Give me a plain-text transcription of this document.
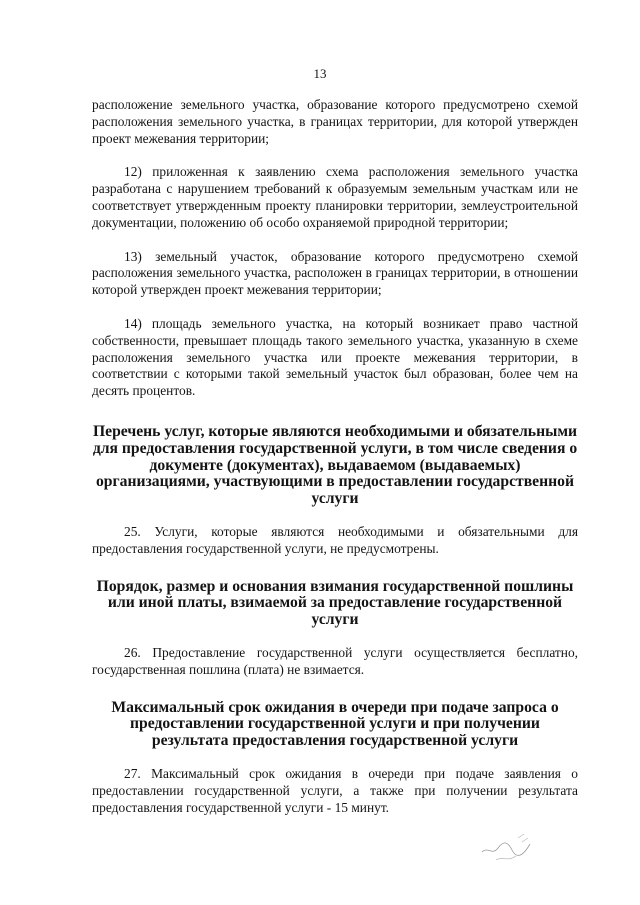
13

расположение земельного участка, образование которого предусмотрено схемой расположения земельного участка, в границах территории, для которой утвержден проект межевания территории;

12) приложенная к заявлению схема расположения земельного участка разработана с нарушением требований к образуемым земельным участкам или не соответствует утвержденным проекту планировки территории, землеустроительной документации, положению об особо охраняемой природной территории;

13) земельный участок, образование которого предусмотрено схемой расположения земельного участка, расположен в границах территории, в отношении которой утвержден проект межевания территории;

14) площадь земельного участка, на который возникает право частной собственности, превышает площадь такого земельного участка, указанную в схеме расположения земельного участка или проекте межевания территории, в соответствии с которыми такой земельный участок был образован, более чем на десять процентов.

Перечень услуг, которые являются необходимыми и обязательными для предоставления государственной услуги, в том числе сведения о документе (документах), выдаваемом (выдаваемых) организациями, участвующими в предоставлении государственной услуги

25. Услуги, которые являются необходимыми и обязательными для предоставления государственной услуги, не предусмотрены.

Порядок, размер и основания взимания государственной пошлины или иной платы, взимаемой за предоставление государственной услуги

26. Предоставление государственной услуги осуществляется бесплатно, государственная пошлина (плата) не взимается.

Максимальный срок ожидания в очереди при подаче запроса о предоставлении государственной услуги и при получении результата предоставления государственной услуги

27. Максимальный срок ожидания в очереди при подаче заявления о предоставлении государственной услуги, а также при получении результата предоставления государственной услуги - 15 минут.
